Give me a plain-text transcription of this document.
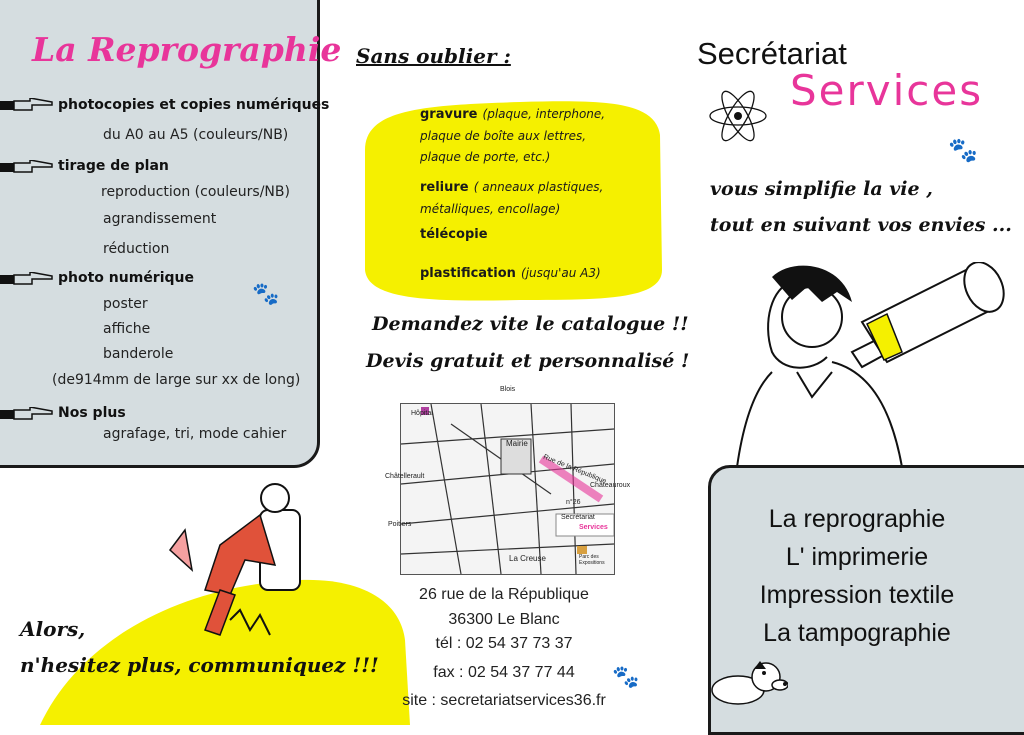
La Reprographie
photocopies et copies numériques
du A0 au A5 (couleurs/NB)
tirage de plan
reproduction (couleurs/NB)
agrandissement
réduction
photo numérique
poster
affiche
banderole
(de914mm de large sur xx de long)
Nos plus
agrafage, tri, mode cahier
🐾
Alors,
n'hesitez plus, communiquez !!!
Sans oublier :
gravure (plaque, interphone, plaque de boîte aux lettres, plaque de porte, etc.)
reliure ( anneaux plastiques, métalliques, encollage)
télécopie
plastification (jusqu'au A3)
Demandez vite le catalogue !!
Devis gratuit et personnalisé !
Blois
Hôpital
Mairie
Rue de la République
n°26
Secrétariat
Services
La Creuse	Parc des Expositions
Châtellerault
Châteauroux
Poitiers
26 rue de la République
36300 Le Blanc
tél : 02 54 37 73 37
fax : 02 54 37 77 44
site : secretariatservices36.fr
🐾
Secrétariat
Services
🐾
vous simplifie la vie ,
tout en suivant vos envies ...
La reprographie
L' imprimerie
Impression textile
La tampographie
